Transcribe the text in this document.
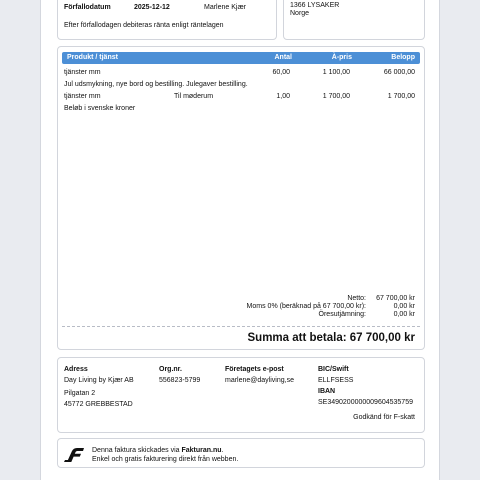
Förfallodatum	2025-12-12	Marlene Kjær
Efter förfallodagen debiteras ränta enligt räntelagen
1366 LYSAKER
Norge
Produkt / tjänst	Antal	À-pris	Belopp
tjänster mm	60,00	1 100,00	66 000,00
Jul udsmykning, nye bord og bestilling. Julegaver bestilling.
tjänster mm	Til møderum	1,00	1 700,00	1 700,00
Beløb i svenske kroner
Netto: 67 700,00 kr
Moms 0% (beräknad på 67 700,00 kr):	0,00 kr
Öresutjämning:	0,00 kr
Summa att betala: 67 700,00 kr
Adress
Day Living by Kjær AB
Pilgatan 2
45772 GREBBESTAD
Org.nr.
556823-5799
Företagets e-post
marlene@dayliving,se
BIC/Swift
ELLFSESS
IBAN
SE3490200000009604535759
Godkänd för F-skatt
Denna faktura skickades via Fakturan.nu.
Enkel och gratis fakturering direkt från webben.
